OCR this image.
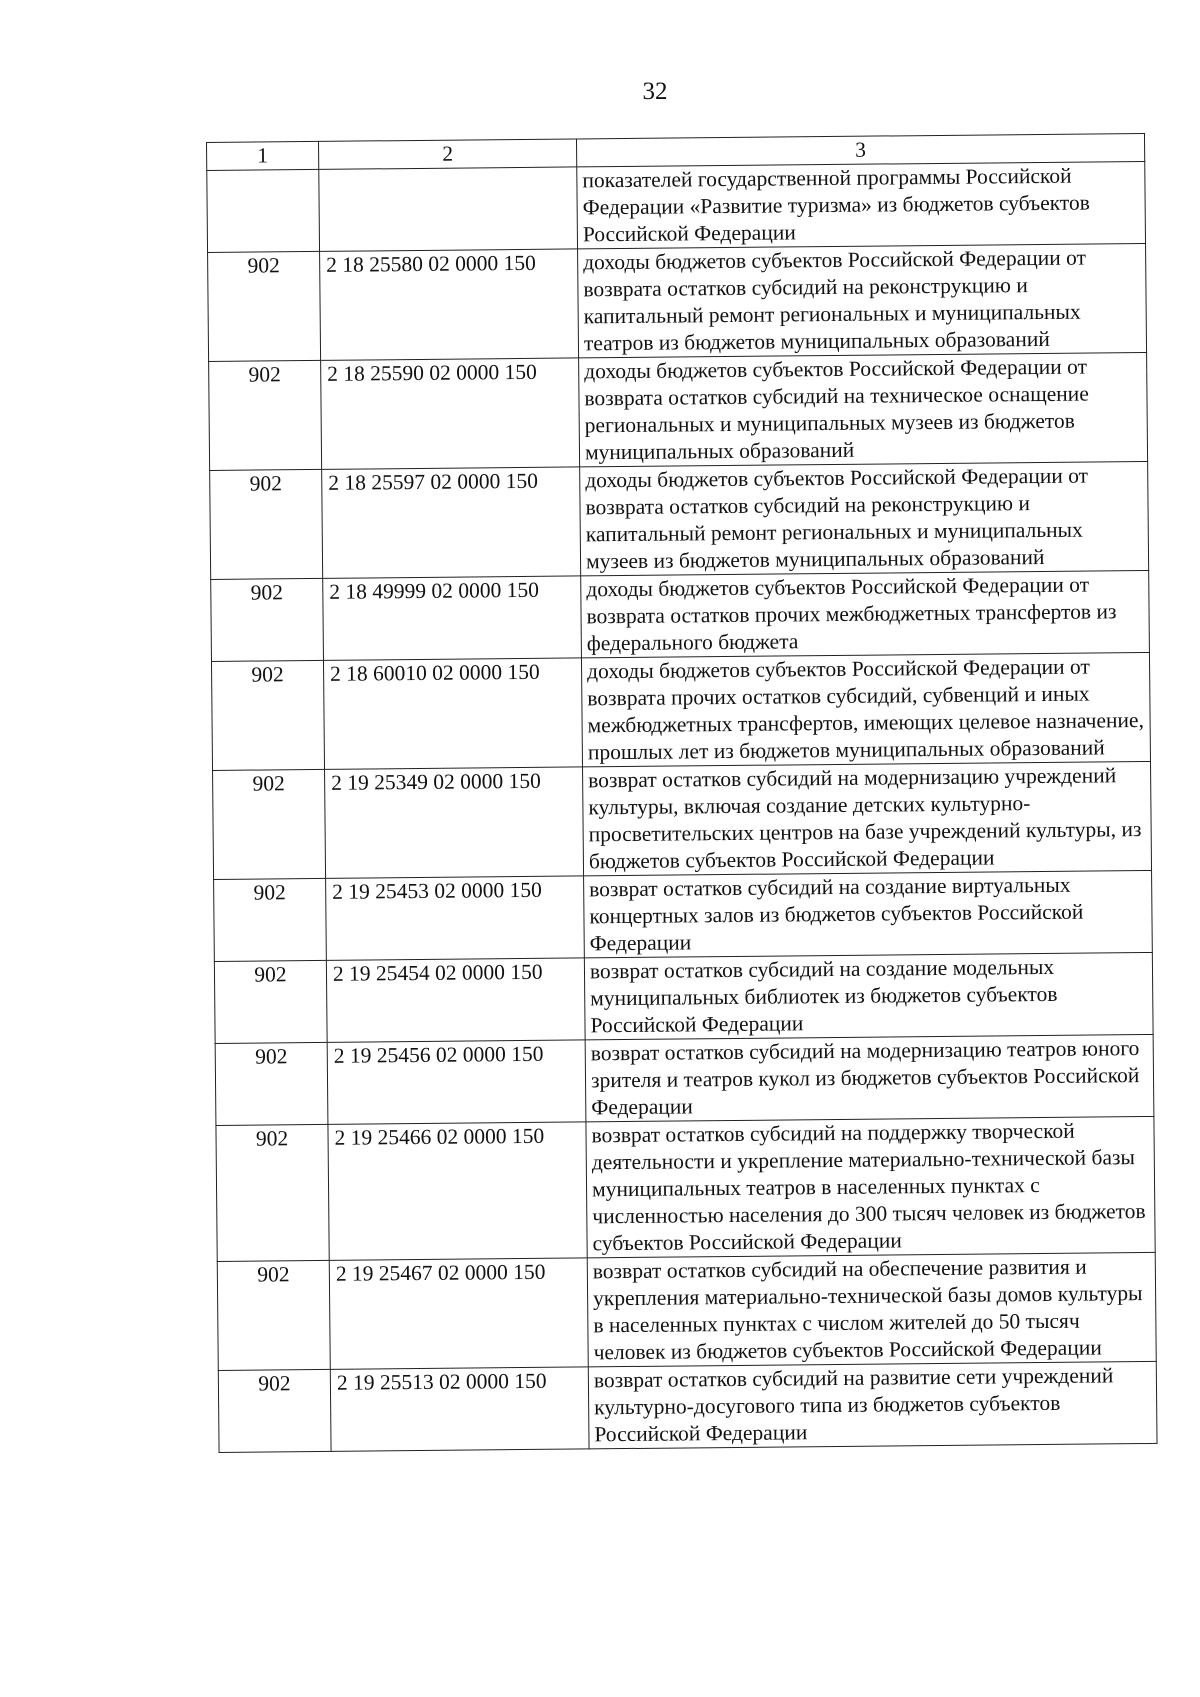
32
1	2	3
		показателей государственной программы Российской Федерации «Развитие туризма» из бюджетов субъектов Российской Федерации
902	2 18 25580 02 0000 150	доходы бюджетов субъектов Российской Федерации от возврата остатков субсидий на реконструкцию и капитальный ремонт региональных и муниципальных театров из бюджетов муниципальных образований
902	2 18 25590 02 0000 150	доходы бюджетов субъектов Российской Федерации от возврата остатков субсидий на техническое оснащение региональных и муниципальных музеев из бюджетов муниципальных образований
902	2 18 25597 02 0000 150	доходы бюджетов субъектов Российской Федерации от возврата остатков субсидий на реконструкцию и капитальный ремонт региональных и муниципальных музеев из бюджетов муниципальных образований
902	2 18 49999 02 0000 150	доходы бюджетов субъектов Российской Федерации от возврата остатков прочих межбюджетных трансфертов из федерального бюджета
902	2 18 60010 02 0000 150	доходы бюджетов субъектов Российской Федерации от возврата прочих остатков субсидий, субвенций и иных межбюджетных трансфертов, имеющих целевое назначение, прошлых лет из бюджетов муниципальных образований
902	2 19 25349 02 0000 150	возврат остатков субсидий на модернизацию учреждений культуры, включая создание детских культурно-просветительских центров на базе учреждений культуры, из бюджетов субъектов Российской Федерации
902	2 19 25453 02 0000 150	возврат остатков субсидий на создание виртуальных концертных залов из бюджетов субъектов Российской Федерации
902	2 19 25454 02 0000 150	возврат остатков субсидий на создание модельных муниципальных библиотек из бюджетов субъектов Российской Федерации
902	2 19 25456 02 0000 150	возврат остатков субсидий на модернизацию театров юного зрителя и театров кукол из бюджетов субъектов Российской Федерации
902	2 19 25466 02 0000 150	возврат остатков субсидий на поддержку творческой деятельности и укрепление материально-технической базы муниципальных театров в населенных пунктах с численностью населения до 300 тысяч человек из бюджетов субъектов Российской Федерации
902	2 19 25467 02 0000 150	возврат остатков субсидий на обеспечение развития и укрепления материально-технической базы домов культуры в населенных пунктах с числом жителей до 50 тысяч человек из бюджетов субъектов Российской Федерации
902	2 19 25513 02 0000 150	возврат остатков субсидий на развитие сети учреждений культурно-досугового типа из бюджетов субъектов Российской Федерации
